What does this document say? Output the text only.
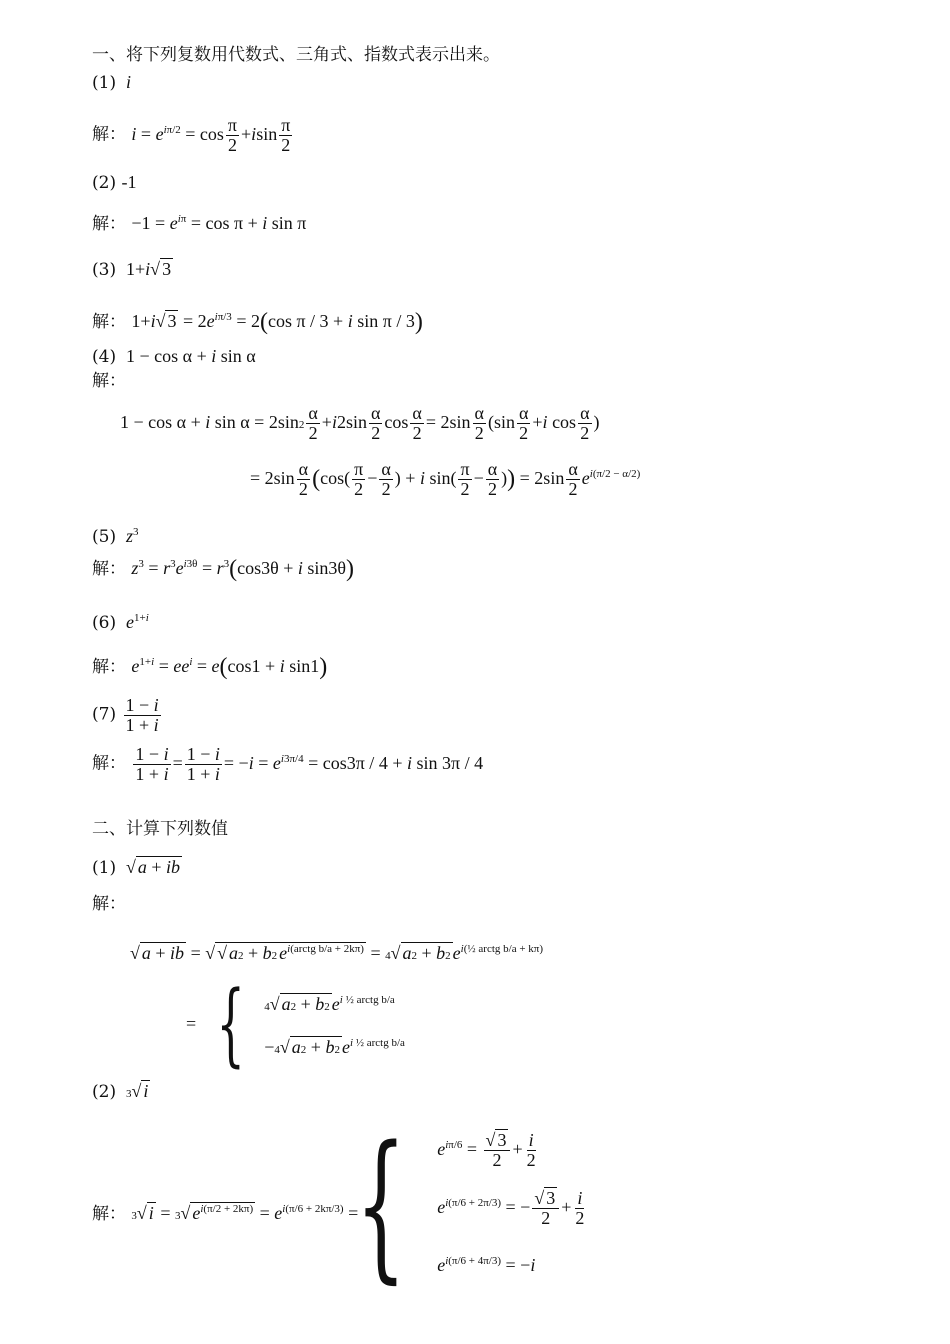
一、将下列复数用代数式、三角式、指数式表示出来。
(1)  i
解： $i = e^{i\pi/2} = \cos \frac{\pi}{2} +isin \frac{\pi}{2}$
(2) -1
解： $-1 = e^{i\pi} = \cos \pi + i$ sin π
(3)  1+i√ 3
解： 1+i√ $3 = 2e^{i\pi/3} = 2(\cos$ π / 3 + i sin π / 3)
(4)  1 − cos α + i sin α
解：
1 − cos α + i $\sin \alpha = 2\sin 2 \frac{\alpha}{2} +i2\sin \frac{\alpha}{2}$ $\cos \frac{\alpha}{2} = 2\sin \frac{\alpha}{2} (\sin \frac{\alpha}{2} +i$ $\cos \frac{\alpha}{2}$ )
= $2\sin \frac{\alpha}{2} (\cos( \frac{\pi}{2} - \frac{\alpha}{2}$ ) + i $\sin( \frac{\pi}{2} - \frac{\alpha}{2}$ )) = $2\sin \frac{\alpha}{2} e^{i(\pi/2 - \alpha/2)}$
(5) $z^3$
解： $z^3 = r^3e^{i3\theta} = r^3(\cos 3\theta + i$ sin3θ)
(6) $e^{1+i}$
解： $e^{1+i} = ee^i = e(\cos 1 + i$ sin1)
$(7) \frac{1 - i}{1 + i}$
解： $\frac{1 - i}{1 + i} = \frac{1 - i}{1 + i} = -i = e^{i3\pi/4} = \cos 3\pi / 4 + i$ sin 3π / 4
二、计算下列数值
(1)  √ a + ib
解：
√ a + ib = √ √ a2 + b2 $e^{i(arctg b/a + 2k\pi)} = 4√$ a2 + b2 $e^{i(\frac{1}{2} arctg b/a + k\pi)}$
= { 4√ a2 + b2 $e^{i \frac{1}{2} arctg b/a}$
−4√ a2 + b2 $e^{i \frac{1}{2} arctg b/a}$
(2) 3√ i
解： 3√ i = 3√ $e^{i(\pi/2 + 2k\pi)} = e^{i(\pi/6 + 2k\pi/3)}$ =
{ $e^{i\pi/6} = \frac{√ 3}{2} + \frac{i}{2}$
$e^{i(\pi/6 + 2\pi/3)}$ = − $\frac{√ 3}{2} + \frac{i}{2}$
$e^{i(\pi/6 + 4\pi/3)} = -i$
